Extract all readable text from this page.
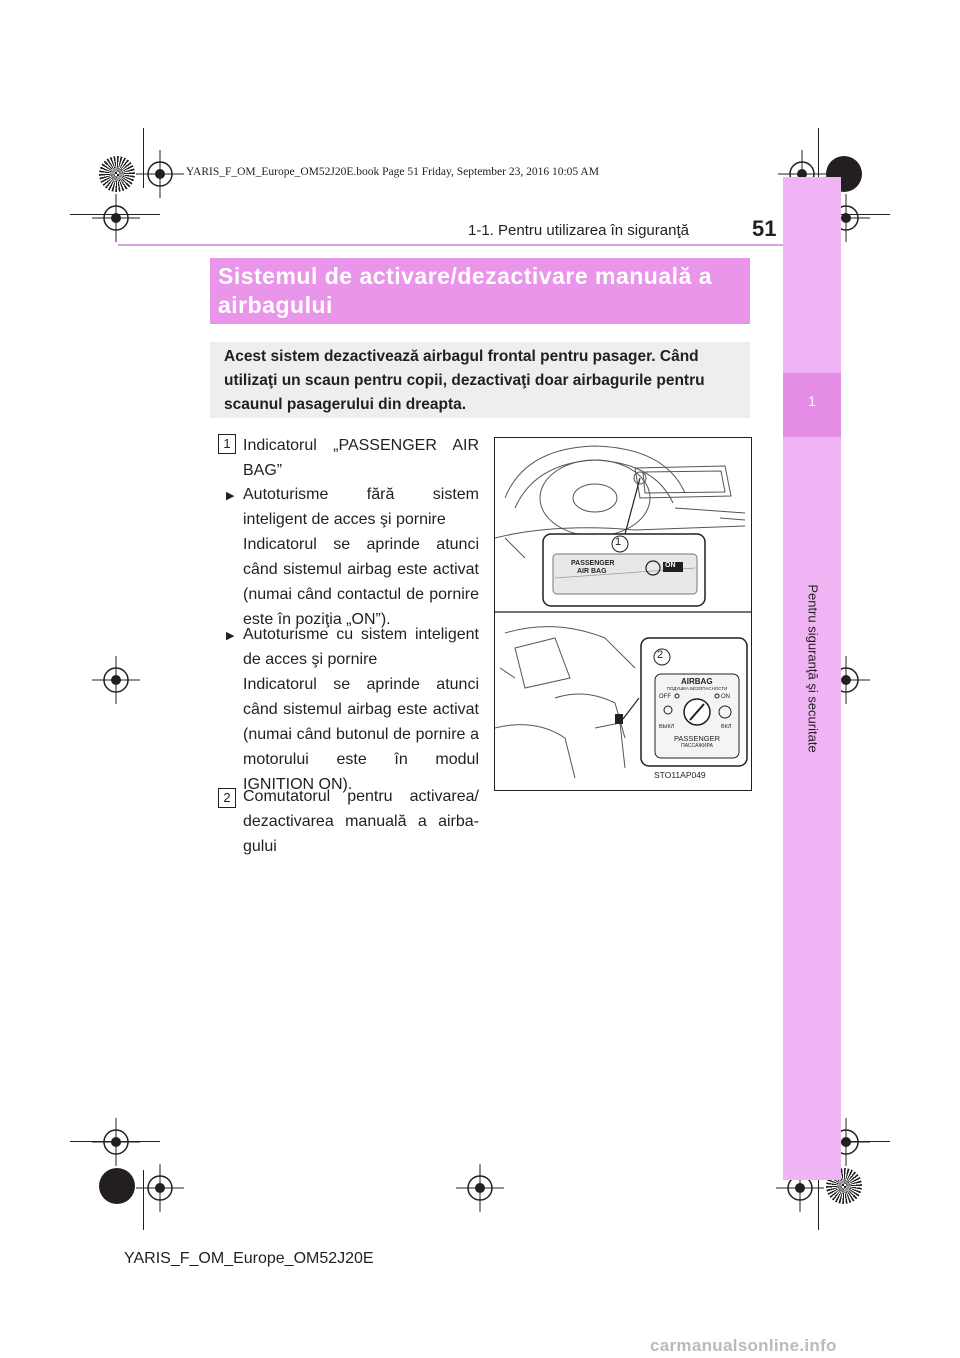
YARIS_F_OM_Europe_OM52J20E.book Page 51 Friday, September 23, 2016 10:05 AM
1-1. Pentru utilizarea în siguranţă	51
1
Pentru siguranţă şi securitate
Sistemul de activare/dezactivare manuală a airbagului
Acest sistem dezactivează airbagul frontal pentru pasager. Când utilizaţi un scaun pentru copii, dezactivaţi doar airbagurile pentru scaunul pasagerului din dreapta.
1 Indicatorul „PASSENGER AIR BAG”
▶ Autoturisme fără sistem inteligent de acces şi pornire
Indicatorul se aprinde atunci când sistemul airbag este activat (numai când contactul de pornire este în poziţia „ON”).
▶ Autoturisme cu sistem inteligent de acces şi pornire
Indicatorul se aprinde atunci când sistemul airbag este activat (numai când butonul de pornire a motorului este în modul IGNITION ON).
2 Comutatorul pentru activarea/ dezactivarea manuală a airba- gului
1
2
PASSENGER
AIR BAG
ON
AIRBAG
ПОДУШКА БЕЗОПАСНОСТИ
OFF	ON
ВЫКЛ	ВКЛ
PASSENGER
ПАССАЖИРА
STO11AP049
YARIS_F_OM_Europe_OM52J20E
carmanualsonline.info
